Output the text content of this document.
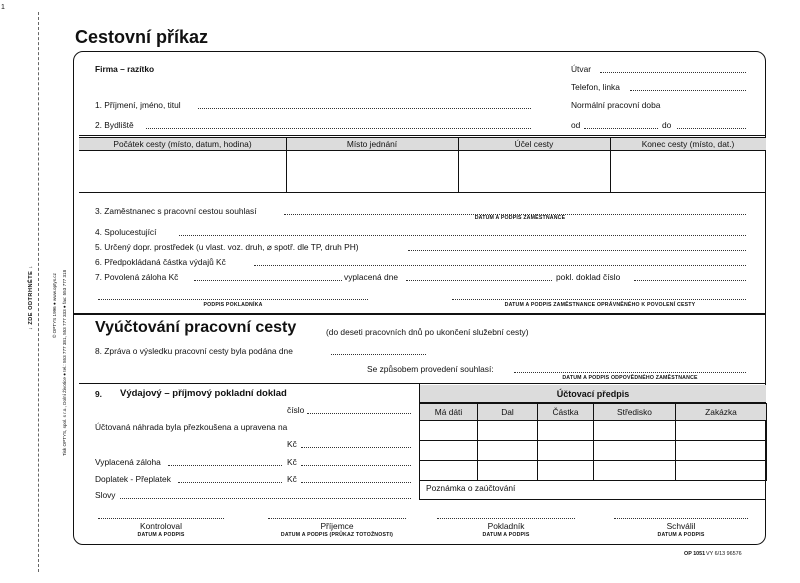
1
↓ ZDE ODTRHNĚTE ↓	© OPTYS 1996 ● www.optys.cz Tisk OPTYS, spol. s r.o., Dolní Životice ● tel.: 553 777 381, 553 777 333 ● fax: 553 777 318
Cestovní příkaz
Firma – razítko	Útvar
Telefon, linka
1. Příjmení, jméno, titul	Normální pracovní doba
2. Bydliště	od	do
Počátek cesty (místo, datum, hodina)	Místo jednání	Účel cesty	Konec cesty (místo, dat.)
3. Zaměstnanec s pracovní cestou souhlasí
DATUM A PODPIS ZAMĚSTNANCE
4. Spolucestující
5. Určený dopr. prostředek (u vlast. voz. druh, ⌀ spotř. dle TP, druh PH)
6. Předpokládaná částka výdajů Kč
7. Povolená záloha Kč	vyplacená dne	pokl. doklad číslo
PODPIS POKLADNÍKA	DATUM A PODPIS ZAMĚSTNANCE OPRÁVNĚNÉHO K POVOLENÍ CESTY
Vyúčtování pracovní cesty	(do deseti pracovních dnů po ukončení služební cesty)
8. Zpráva o výsledku pracovní cesty byla podána dne
Se způsobem provedení souhlasí:
DATUM A PODPIS ODPOVĚDNÉHO ZAMĚSTNANCE
9. Výdajový – příjmový pokladní doklad
číslo
Účtovaná náhrada byla přezkoušena a upravena na
Kč
Vyplacená záloha	Kč
Doplatek - Přeplatek	Kč
Slovy
Účtovací předpis
Má dáti	Dal	Částka	Středisko	Zakázka

Poznámka o zaúčtování
Kontroloval
DATUM A PODPIS
Příjemce
DATUM A PODPIS (PRŮKAZ TOTOŽNOSTI)
Pokladník
DATUM A PODPIS
Schválil
DATUM A PODPIS
OP 1051 VY 6/13 96576
